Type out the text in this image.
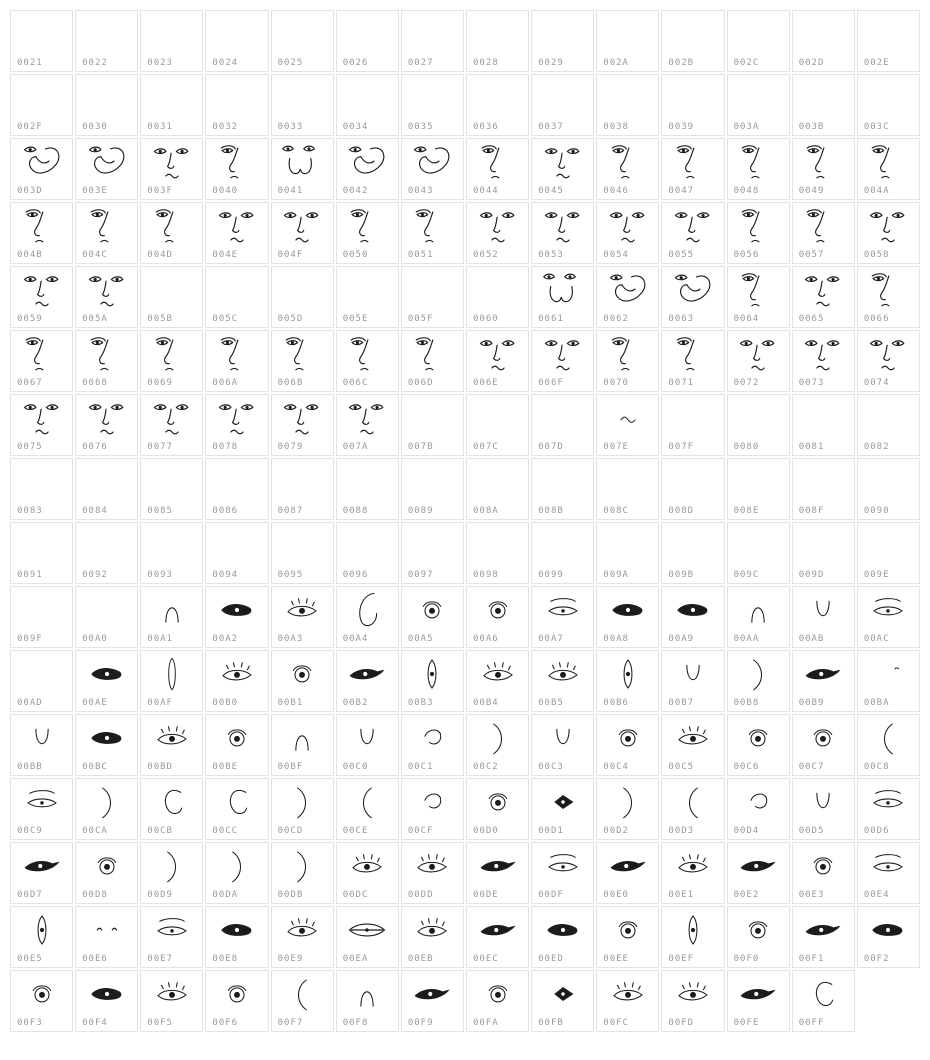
0021	0022	0023	0024	0025	0026	0027	0028	0029	002A	002B	002C	002D	002E
002F	0030	0031	0032	0033	0034	0035	0036	0037	0038	0039	003A	003B	003C
003D	003E	003F	0040	0041	0042	0043	0044	0045	0046	0047	0048	0049	004A
004B	004C	004D	004E	004F	0050	0051	0052	0053	0054	0055	0056	0057	0058
0059	005A	005B	005C	005D	005E	005F	0060	0061	0062	0063	0064	0065	0066
0067	0068	0069	006A	006B	006C	006D	006E	006F	0070	0071	0072	0073	0074
0075	0076	0077	0078	0079	007A	007B	007C	007D	007E	007F	0080	0081	0082
0083	0084	0085	0086	0087	0088	0089	008A	008B	008C	008D	008E	008F	0090
0091	0092	0093	0094	0095	0096	0097	0098	0099	009A	009B	009C	009D	009E
009F	00A0	00A1	00A2	00A3	00A4	00A5	00A6	00A7	00A8	00A9	00AA	00AB	00AC
00AD	00AE	00AF	00B0	00B1	00B2	00B3	00B4	00B5	00B6	00B7	00B8	00B9	00BA
00BB	00BC	00BD	00BE	00BF	00C0	00C1	00C2	00C3	00C4	00C5	00C6	00C7	00C8
00C9	00CA	00CB	00CC	00CD	00CE	00CF	00D0	00D1	00D2	00D3	00D4	00D5	00D6
00D7	00D8	00D9	00DA	00DB	00DC	00DD	00DE	00DF	00E0	00E1	00E2	00E3	00E4
00E5	00E6	00E7	00E8	00E9	00EA	00EB	00EC	00ED	00EE	00EF	00F0	00F1	00F2
00F3	00F4	00F5	00F6	00F7	00F8	00F9	00FA	00FB	00FC	00FD	00FE	00FF
